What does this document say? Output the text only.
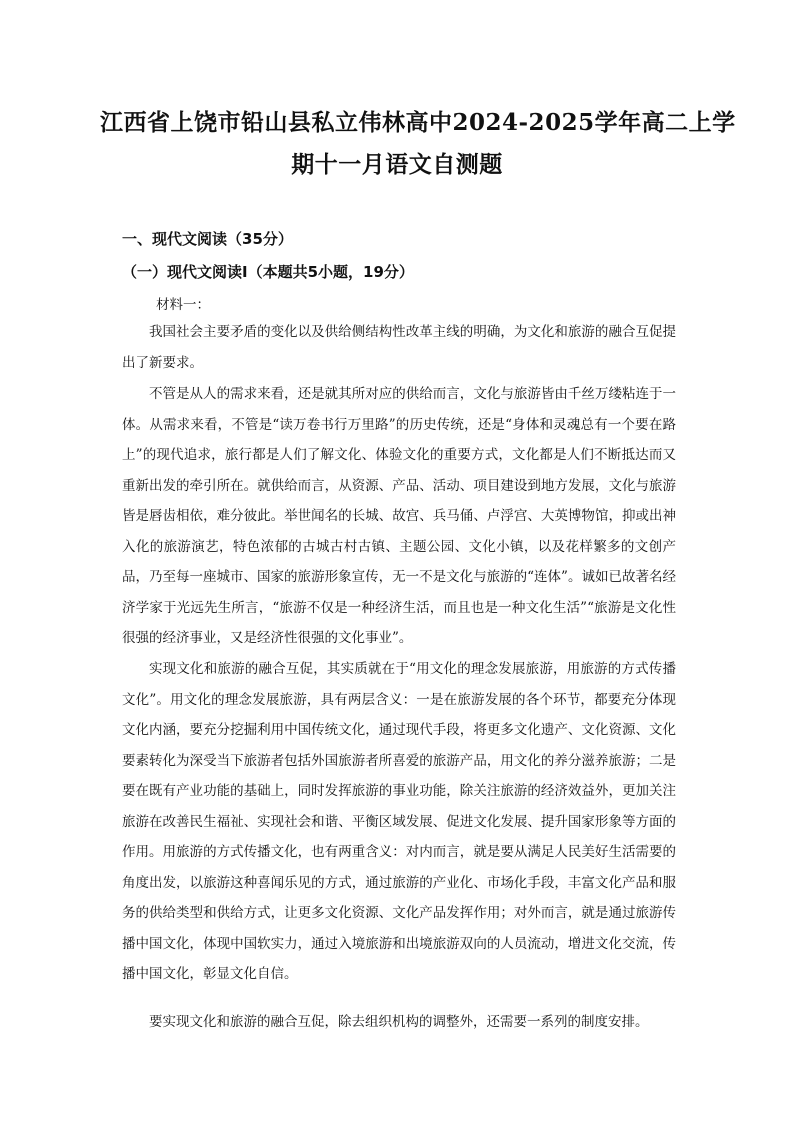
江西省上饶市铅山县私立伟林高中2024-2025学年高二上学
期十一月语文自测题
一、现代文阅读（35分）
（一）现代文阅读Ⅰ（本题共5小题，19分）
材料一：

我国社会主要矛盾的变化以及供给侧结构性改革主线的明确，为文化和旅游的融合互促提出了新要求。

不管是从人的需求来看，还是就其所对应的供给而言，文化与旅游皆由千丝万缕粘连于一体。从需求来看，不管是“读万卷书行万里路”的历史传统，还是“身体和灵魂总有一个要在路上”的现代追求，旅行都是人们了解文化、体验文化的重要方式，文化都是人们不断抵达而又重新出发的牵引所在。就供给而言，从资源、产品、活动、项目建设到地方发展，文化与旅游皆是唇齿相依，难分彼此。举世闻名的长城、故宫、兵马俑、卢浮宫、大英博物馆，抑或出神入化的旅游演艺，特色浓郁的古城古村古镇、主题公园、文化小镇，以及花样繁多的文创产品，乃至每一座城市、国家的旅游形象宣传，无一不是文化与旅游的“连体”。诚如已故著名经济学家于光远先生所言，“旅游不仅是一种经济生活，而且也是一种文化生活”“旅游是文化性很强的经济事业，又是经济性很强的文化事业”。

实现文化和旅游的融合互促，其实质就在于“用文化的理念发展旅游，用旅游的方式传播文化”。用文化的理念发展旅游，具有两层含义：一是在旅游发展的各个环节，都要充分体现文化内涵，要充分挖掘利用中国传统文化，通过现代手段，将更多文化遗产、文化资源、文化要素转化为深受当下旅游者包括外国旅游者所喜爱的旅游产品，用文化的养分滋养旅游；二是要在既有产业功能的基础上，同时发挥旅游的事业功能，除关注旅游的经济效益外，更加关注旅游在改善民生福祉、实现社会和谐、平衡区域发展、促进文化发展、提升国家形象等方面的作用。用旅游的方式传播文化，也有两重含义：对内而言，就是要从满足人民美好生活需要的角度出发，以旅游这种喜闻乐见的方式，通过旅游的产业化、市场化手段，丰富文化产品和服务的供给类型和供给方式，让更多文化资源、文化产品发挥作用；对外而言，就是通过旅游传播中国文化，体现中国软实力，通过入境旅游和出境旅游双向的人员流动，增进文化交流，传播中国文化，彰显文化自信。

要实现文化和旅游的融合互促，除去组织机构的调整外，还需要一系列的制度安排。
